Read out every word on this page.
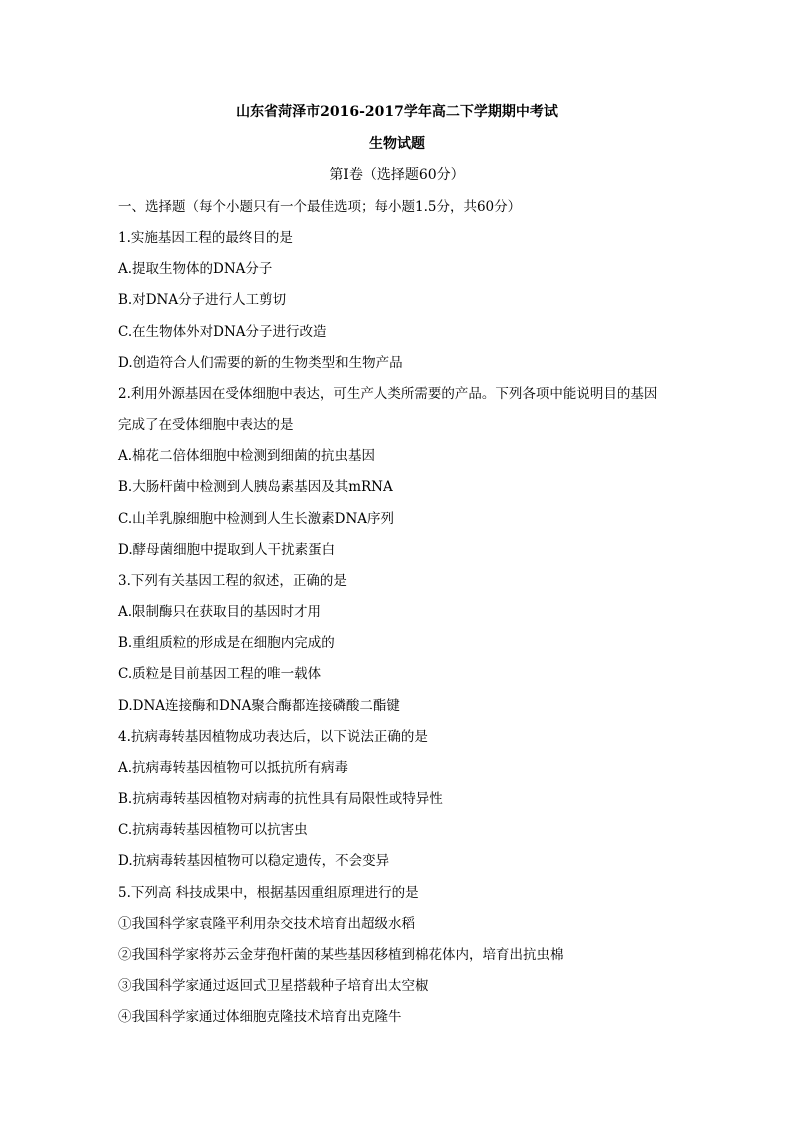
山东省菏泽市2016-2017学年高二下学期期中考试

生物试题

第Ⅰ卷（选择题60分）

一、选择题（每个小题只有一个最佳选项；每小题1.5分，共60分）

1.实施基因工程的最终目的是

A.提取生物体的DNA分子

B.对DNA分子进行人工剪切

C.在生物体外对DNA分子进行改造

D.创造符合人们需要的新的生物类型和生物产品

2.利用外源基因在受体细胞中表达，可生产人类所需要的产品。下列各项中能说明目的基因

完成了在受体细胞中表达的是

A.棉花二倍体细胞中检测到细菌的抗虫基因

B.大肠杆菌中检测到人胰岛素基因及其mRNA

C.山羊乳腺细胞中检测到人生长激素DNA序列

D.酵母菌细胞中提取到人干扰素蛋白

3.下列有关基因工程的叙述，正确的是

A.限制酶只在获取目的基因时才用

B.重组质粒的形成是在细胞内完成的

C.质粒是目前基因工程的唯一载体

D.DNA连接酶和DNA聚合酶都连接磷酸二酯键

4.抗病毒转基因植物成功表达后，以下说法正确的是

A.抗病毒转基因植物可以抵抗所有病毒

B.抗病毒转基因植物对病毒的抗性具有局限性或特异性

C.抗病毒转基因植物可以抗害虫

D.抗病毒转基因植物可以稳定遗传，不会变异

5.下列高 科技成果中，根据基因重组原理进行的是

①我国科学家袁隆平利用杂交技术培育出超级水稻

②我国科学家将苏云金芽孢杆菌的某些基因移植到棉花体内，培育出抗虫棉

③我国科学家通过返回式卫星搭载种子培育出太空椒

④我国科学家通过体细胞克隆技术培育出克隆牛
